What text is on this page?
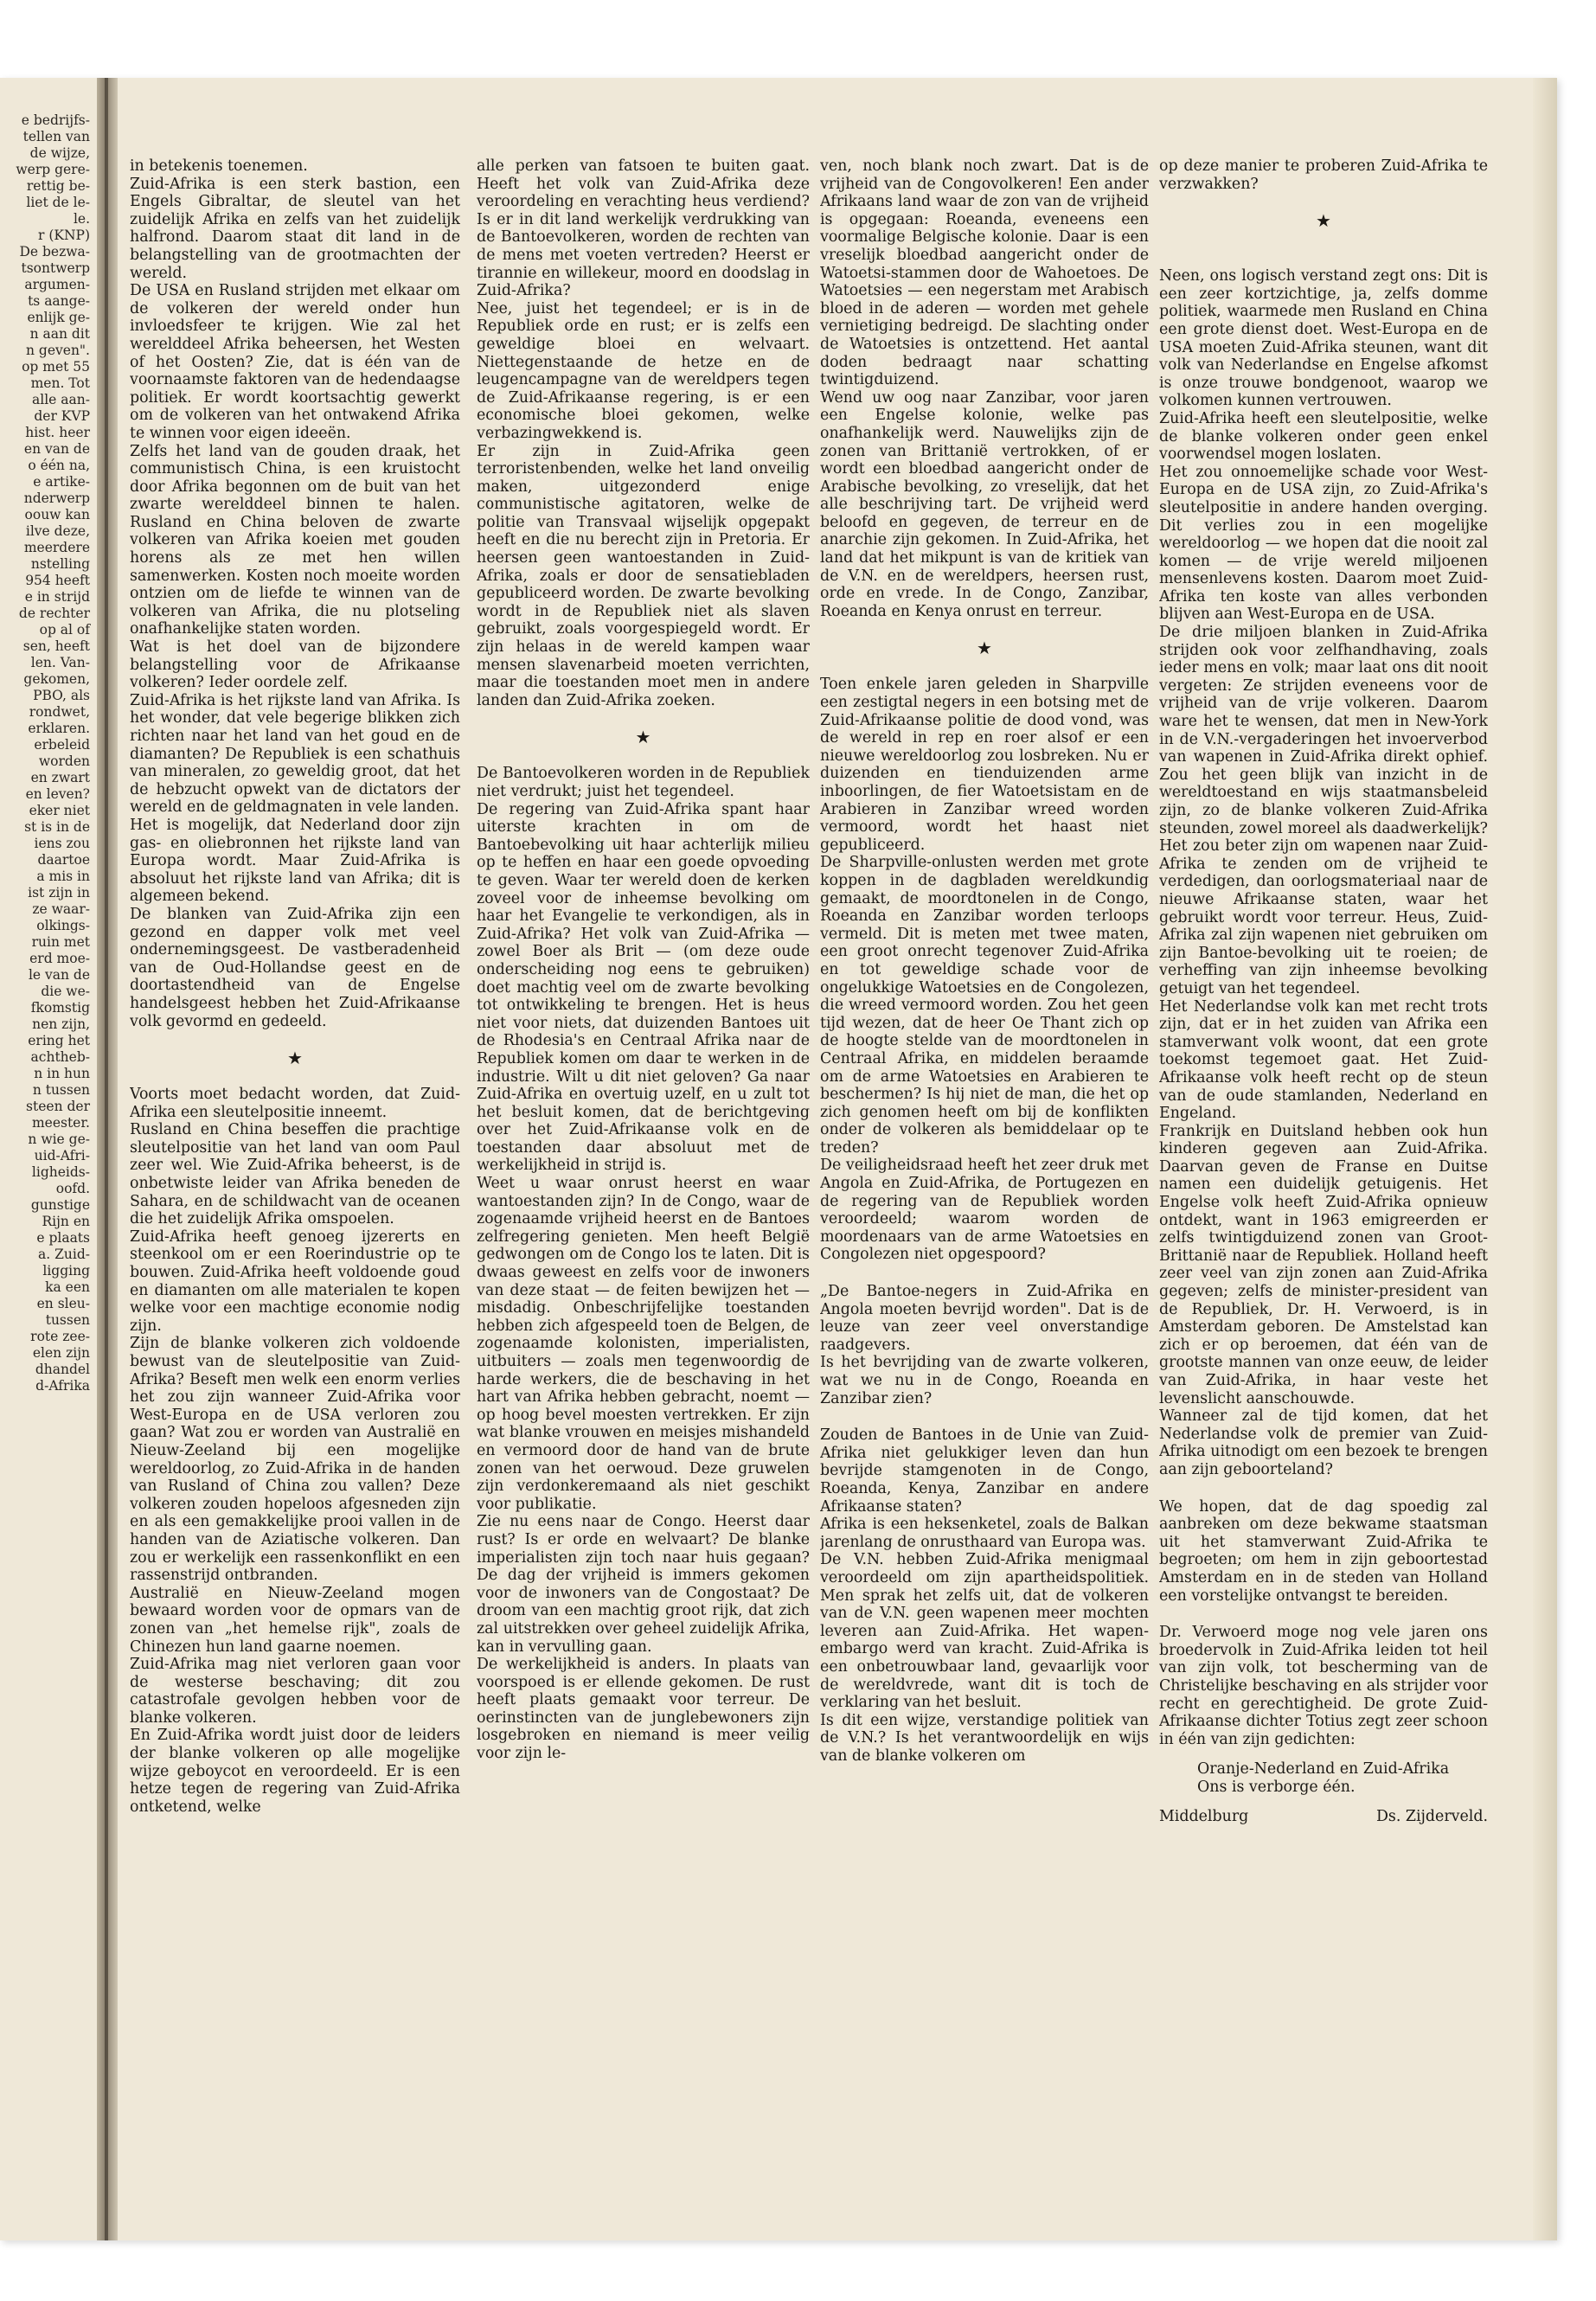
e bedrijfs-
tellen van
de wijze,
werp gere-
rettig be-
liet de le-
le.
r (KNP)
De bezwa-
tsontwerp
argumen-
ts aange-
enlijk ge-
n aan dit
n geven".
op met 55
men. Tot
alle aan-
der KVP
hist. heer
en van de
o één na,
e artike-
nderwerp
oouw kan
ilve deze,
meerdere
nstelling
954 heeft
e in strijd
de rechter
op al of
sen, heeft
len. Van-
gekomen,
PBO, als
rondwet,
erklaren.
erbeleid
worden
en zwart
en leven?
eker niet
st is in de
iens zou
daartoe
a mis in
ist zijn in
ze waar-
olkings-
ruin met
erd moe-
le van de
die we-
fkomstig
nen zijn,
ering het
achtheb-
n in hun
n tussen
steen der
meester.
n wie ge-
uid-Afri-
ligheids-
oofd.
gunstige
Rijn en
e plaats
a. Zuid-
ligging
ka een
en sleu-
tussen
rote zee-
elen zijn
dhandel
d-Afrika

in betekenis toenemen.

Zuid-Afrika is een sterk bastion, een Engels Gibraltar, de sleutel van het zuidelijk Afrika en zelfs van het zuidelijk halfrond. Daarom staat dit land in de belangstelling van de grootmachten der wereld.

De USA en Rusland strijden met elkaar om de volkeren der wereld onder hun invloedsfeer te krijgen. Wie zal het werelddeel Afrika beheersen, het Westen of het Oosten? Zie, dat is één van de voornaamste faktoren van de hedendaagse politiek. Er wordt koortsachtig gewerkt om de volkeren van het ontwakend Afrika te winnen voor eigen ideeën.

Zelfs het land van de gouden draak, het communistisch China, is een kruistocht door Afrika begonnen om de buit van het zwarte werelddeel binnen te halen. Rusland en China beloven de zwarte volkeren van Afrika koeien met gouden horens als ze met hen willen samenwerken. Kosten noch moeite worden ontzien om de liefde te winnen van de volkeren van Afrika, die nu plotseling onafhankelijke staten worden.

Wat is het doel van de bijzondere belangstelling voor de Afrikaanse volkeren? Ieder oordele zelf.

Zuid-Afrika is het rijkste land van Afrika. Is het wonder, dat vele begerige blikken zich richten naar het land van het goud en de diamanten? De Republiek is een schathuis van mineralen, zo geweldig groot, dat het de hebzucht opwekt van de dictators der wereld en de geldmagnaten in vele landen.

Het is mogelijk, dat Nederland door zijn gas- en oliebronnen het rijkste land van Europa wordt. Maar Zuid-Afrika is absoluut het rijkste land van Afrika; dit is algemeen bekend.

De blanken van Zuid-Afrika zijn een gezond en dapper volk met veel ondernemingsgeest. De vastberadenheid van de Oud-Hollandse geest en de doortastendheid van de Engelse handelsgeest hebben het Zuid-Afrikaanse volk gevormd en gedeeld.

★

Voorts moet bedacht worden, dat Zuid-Afrika een sleutelpositie inneemt.

Rusland en China beseffen die prachtige sleutelpositie van het land van oom Paul zeer wel. Wie Zuid-Afrika beheerst, is de onbetwiste leider van Afrika beneden de Sahara, en de schildwacht van de oceanen die het zuidelijk Afrika omspoelen.

Zuid-Afrika heeft genoeg ijzererts en steenkool om er een Roerindustrie op te bouwen. Zuid-Afrika heeft voldoende goud en diamanten om alle materialen te kopen welke voor een machtige economie nodig zijn.

Zijn de blanke volkeren zich voldoende bewust van de sleutelpositie van Zuid-Afrika? Beseft men welk een enorm verlies het zou zijn wanneer Zuid-Afrika voor West-Europa en de USA verloren zou gaan? Wat zou er worden van Australië en Nieuw-Zeeland bij een mogelijke wereldoorlog, zo Zuid-Afrika in de handen van Rusland of China zou vallen? Deze volkeren zouden hopeloos afgesneden zijn en als een gemakkelijke prooi vallen in de handen van de Aziatische volkeren. Dan zou er werkelijk een rassenkonflikt en een rassenstrijd ontbranden.

Australië en Nieuw-Zeeland mogen bewaard worden voor de opmars van de zonen van „het hemelse rijk", zoals de Chinezen hun land gaarne noemen.

Zuid-Afrika mag niet verloren gaan voor de westerse beschaving; dit zou catastrofale gevolgen hebben voor de blanke volkeren.

En Zuid-Afrika wordt juist door de leiders der blanke volkeren op alle mogelijke wijze geboycot en veroordeeld. Er is een hetze tegen de regering van Zuid-Afrika ontketend, welke

alle perken van fatsoen te buiten gaat. Heeft het volk van Zuid-Afrika deze veroordeling en verachting heus verdiend? Is er in dit land werkelijk verdrukking van de Bantoevolkeren, worden de rechten van de mens met voeten vertreden? Heerst er tirannie en willekeur, moord en doodslag in Zuid-Afrika?

Nee, juist het tegendeel; er is in de Republiek orde en rust; er is zelfs een geweldige bloei en welvaart. Niettegenstaande de hetze en de leugencampagne van de wereldpers tegen de Zuid-Afrikaanse regering, is er een economische bloei gekomen, welke verbazingwekkend is.

Er zijn in Zuid-Afrika geen terroristenbenden, welke het land onveilig maken, uitgezonderd enige communistische agitatoren, welke de politie van Transvaal wijselijk opgepakt heeft en die nu berecht zijn in Pretoria. Er heersen geen wantoestanden in Zuid-Afrika, zoals er door de sensatiebladen gepubliceerd worden. De zwarte bevolking wordt in de Republiek niet als slaven gebruikt, zoals voorgespiegeld wordt. Er zijn helaas in de wereld kampen waar mensen slavenarbeid moeten verrichten, maar die toestanden moet men in andere landen dan Zuid-Afrika zoeken.

★

De Bantoevolkeren worden in de Republiek niet verdrukt; juist het tegendeel.

De regering van Zuid-Afrika spant haar uiterste krachten in om de Bantoebevolking uit haar achterlijk milieu op te heffen en haar een goede opvoeding te geven. Waar ter wereld doen de kerken zoveel voor de inheemse bevolking om haar het Evangelie te verkondigen, als in Zuid-Afrika? Het volk van Zuid-Afrika — zowel Boer als Brit — (om deze oude onderscheiding nog eens te gebruiken) doet machtig veel om de zwarte bevolking tot ontwikkeling te brengen. Het is heus niet voor niets, dat duizenden Bantoes uit de Rhodesia's en Centraal Afrika naar de Republiek komen om daar te werken in de industrie. Wilt u dit niet geloven? Ga naar Zuid-Afrika en overtuig uzelf, en u zult tot het besluit komen, dat de berichtgeving over het Zuid-Afrikaanse volk en de toestanden daar absoluut met de werkelijkheid in strijd is.

Weet u waar onrust heerst en waar wantoestanden zijn? In de Congo, waar de zogenaamde vrijheid heerst en de Bantoes zelfregering genieten. Men heeft België gedwongen om de Congo los te laten. Dit is dwaas geweest en zelfs voor de inwoners van deze staat — de feiten bewijzen het — misdadig. Onbeschrijfelijke toestanden hebben zich afgespeeld toen de Belgen, de zogenaamde kolonisten, imperialisten, uitbuiters — zoals men tegenwoordig de harde werkers, die de beschaving in het hart van Afrika hebben gebracht, noemt — op hoog bevel moesten vertrekken. Er zijn wat blanke vrouwen en meisjes mishandeld en vermoord door de hand van de brute zonen van het oerwoud. Deze gruwelen zijn verdonkeremaand als niet geschikt voor publikatie.

Zie nu eens naar de Congo. Heerst daar rust? Is er orde en welvaart? De blanke imperialisten zijn toch naar huis gegaan? De dag der vrijheid is immers gekomen voor de inwoners van de Congostaat? De droom van een machtig groot rijk, dat zich zal uitstrekken over geheel zuidelijk Afrika, kan in vervulling gaan.

De werkelijkheid is anders. In plaats van voorspoed is er ellende gekomen. De rust heeft plaats gemaakt voor terreur. De oerinstincten van de junglebewoners zijn losgebroken en niemand is meer veilig voor zijn le-

ven, noch blank noch zwart. Dat is de vrijheid van de Congovolkeren! Een ander Afrikaans land waar de zon van de vrijheid is opgegaan: Roeanda, eveneens een voormalige Belgische kolonie. Daar is een vreselijk bloedbad aangericht onder de Watoetsi-stammen door de Wahoetoes. De Watoetsies — een negerstam met Arabisch bloed in de aderen — worden met gehele vernietiging bedreigd. De slachting onder de Watoetsies is ontzettend. Het aantal doden bedraagt naar schatting twintigduizend.

Wend uw oog naar Zanzibar, voor jaren een Engelse kolonie, welke pas onafhankelijk werd. Nauwelijks zijn de zonen van Brittanië vertrokken, of er wordt een bloedbad aangericht onder de Arabische bevolking, zo vreselijk, dat het alle beschrijving tart. De vrijheid werd beloofd en gegeven, de terreur en de anarchie zijn gekomen. In Zuid-Afrika, het land dat het mikpunt is van de kritiek van de V.N. en de wereldpers, heersen rust, orde en vrede. In de Congo, Zanzibar, Roeanda en Kenya onrust en terreur.

★

Toen enkele jaren geleden in Sharpville een zestigtal negers in een botsing met de Zuid-Afrikaanse politie de dood vond, was de wereld in rep en roer alsof er een nieuwe wereldoorlog zou losbreken. Nu er duizenden en tienduizenden arme inboorlingen, de fier Watoetsistam en de Arabieren in Zanzibar wreed worden vermoord, wordt het haast niet gepubliceerd.

De Sharpville-onlusten werden met grote koppen in de dagbladen wereldkundig gemaakt, de moordtonelen in de Congo, Roeanda en Zanzibar worden terloops vermeld. Dit is meten met twee maten, een groot onrecht tegenover Zuid-Afrika en tot geweldige schade voor de ongelukkige Watoetsies en de Congolezen, die wreed vermoord worden. Zou het geen tijd wezen, dat de heer Oe Thant zich op de hoogte stelde van de moordtonelen in Centraal Afrika, en middelen beraamde om de arme Watoetsies en Arabieren te beschermen? Is hij niet de man, die het op zich genomen heeft om bij de konflikten onder de volkeren als bemiddelaar op te treden?

De veiligheidsraad heeft het zeer druk met Angola en Zuid-Afrika, de Portugezen en de regering van de Republiek worden veroordeeld; waarom worden de moordenaars van de arme Watoetsies en Congolezen niet opgespoord?

„De Bantoe-negers in Zuid-Afrika en Angola moeten bevrijd worden". Dat is de leuze van zeer veel onverstandige raadgevers.

Is het bevrijding van de zwarte volkeren, wat we nu in de Congo, Roeanda en Zanzibar zien?

Zouden de Bantoes in de Unie van Zuid-Afrika niet gelukkiger leven dan hun bevrijde stamgenoten in de Congo, Roeanda, Kenya, Zanzibar en andere Afrikaanse staten?

Afrika is een heksenketel, zoals de Balkan jarenlang de onrusthaard van Europa was.

De V.N. hebben Zuid-Afrika menigmaal veroordeeld om zijn apartheidspolitiek. Men sprak het zelfs uit, dat de volkeren van de V.N. geen wapenen meer mochten leveren aan Zuid-Afrika. Het wapen-embargo werd van kracht. Zuid-Afrika is een onbetrouwbaar land, gevaarlijk voor de wereldvrede, want dit is toch de verklaring van het besluit.

Is dit een wijze, verstandige politiek van de V.N.? Is het verantwoordelijk en wijs van de blanke volkeren om

op deze manier te proberen Zuid-Afrika te verzwakken?

★

Neen, ons logisch verstand zegt ons: Dit is een zeer kortzichtige, ja, zelfs domme politiek, waarmede men Rusland en China een grote dienst doet. West-Europa en de USA moeten Zuid-Afrika steunen, want dit volk van Nederlandse en Engelse afkomst is onze trouwe bondgenoot, waarop we volkomen kunnen vertrouwen.

Zuid-Afrika heeft een sleutelpositie, welke de blanke volkeren onder geen enkel voorwendsel mogen loslaten.

Het zou onnoemelijke schade voor West-Europa en de USA zijn, zo Zuid-Afrika's sleutelpositie in andere handen overging. Dit verlies zou in een mogelijke wereldoorlog — we hopen dat die nooit zal komen — de vrije wereld miljoenen mensenlevens kosten. Daarom moet Zuid-Afrika ten koste van alles verbonden blijven aan West-Europa en de USA.

De drie miljoen blanken in Zuid-Afrika strijden ook voor zelfhandhaving, zoals ieder mens en volk; maar laat ons dit nooit vergeten: Ze strijden eveneens voor de vrijheid van de vrije volkeren. Daarom ware het te wensen, dat men in New-York in de V.N.-vergaderingen het invoerverbod van wapenen in Zuid-Afrika direkt ophief. Zou het geen blijk van inzicht in de wereldtoestand en wijs staatmansbeleid zijn, zo de blanke volkeren Zuid-Afrika steunden, zowel moreel als daadwerkelijk? Het zou beter zijn om wapenen naar Zuid-Afrika te zenden om de vrijheid te verdedigen, dan oorlogsmateriaal naar de nieuwe Afrikaanse staten, waar het gebruikt wordt voor terreur. Heus, Zuid-Afrika zal zijn wapenen niet gebruiken om zijn Bantoe-bevolking uit te roeien; de verheffing van zijn inheemse bevolking getuigt van het tegendeel.

Het Nederlandse volk kan met recht trots zijn, dat er in het zuiden van Afrika een stamverwant volk woont, dat een grote toekomst tegemoet gaat. Het Zuid-Afrikaanse volk heeft recht op de steun van de oude stamlanden, Nederland en Engeland.

Frankrijk en Duitsland hebben ook hun kinderen gegeven aan Zuid-Afrika. Daarvan geven de Franse en Duitse namen een duidelijk getuigenis. Het Engelse volk heeft Zuid-Afrika opnieuw ontdekt, want in 1963 emigreerden er zelfs twintigduizend zonen van Groot-Brittanië naar de Republiek. Holland heeft zeer veel van zijn zonen aan Zuid-Afrika gegeven; zelfs de minister-president van de Republiek, Dr. H. Verwoerd, is in Amsterdam geboren. De Amstelstad kan zich er op beroemen, dat één van de grootste mannen van onze eeuw, de leider van Zuid-Afrika, in haar veste het levenslicht aanschouwde.

Wanneer zal de tijd komen, dat het Nederlandse volk de premier van Zuid-Afrika uitnodigt om een bezoek te brengen aan zijn geboorteland?

We hopen, dat de dag spoedig zal aanbreken om deze bekwame staatsman uit het stamverwant Zuid-Afrika te begroeten; om hem in zijn geboortestad Amsterdam en in de steden van Holland een vorstelijke ontvangst te bereiden.

Dr. Verwoerd moge nog vele jaren ons broedervolk in Zuid-Afrika leiden tot heil van zijn volk, tot bescherming van de Christelijke beschaving en als strijder voor recht en gerechtigheid. De grote Zuid-Afrikaanse dichter Totius zegt zeer schoon in één van zijn gedichten:

Oranje-Nederland en Zuid-Afrika

Ons is verborge één.

Middelburg	Ds. Zijderveld.
